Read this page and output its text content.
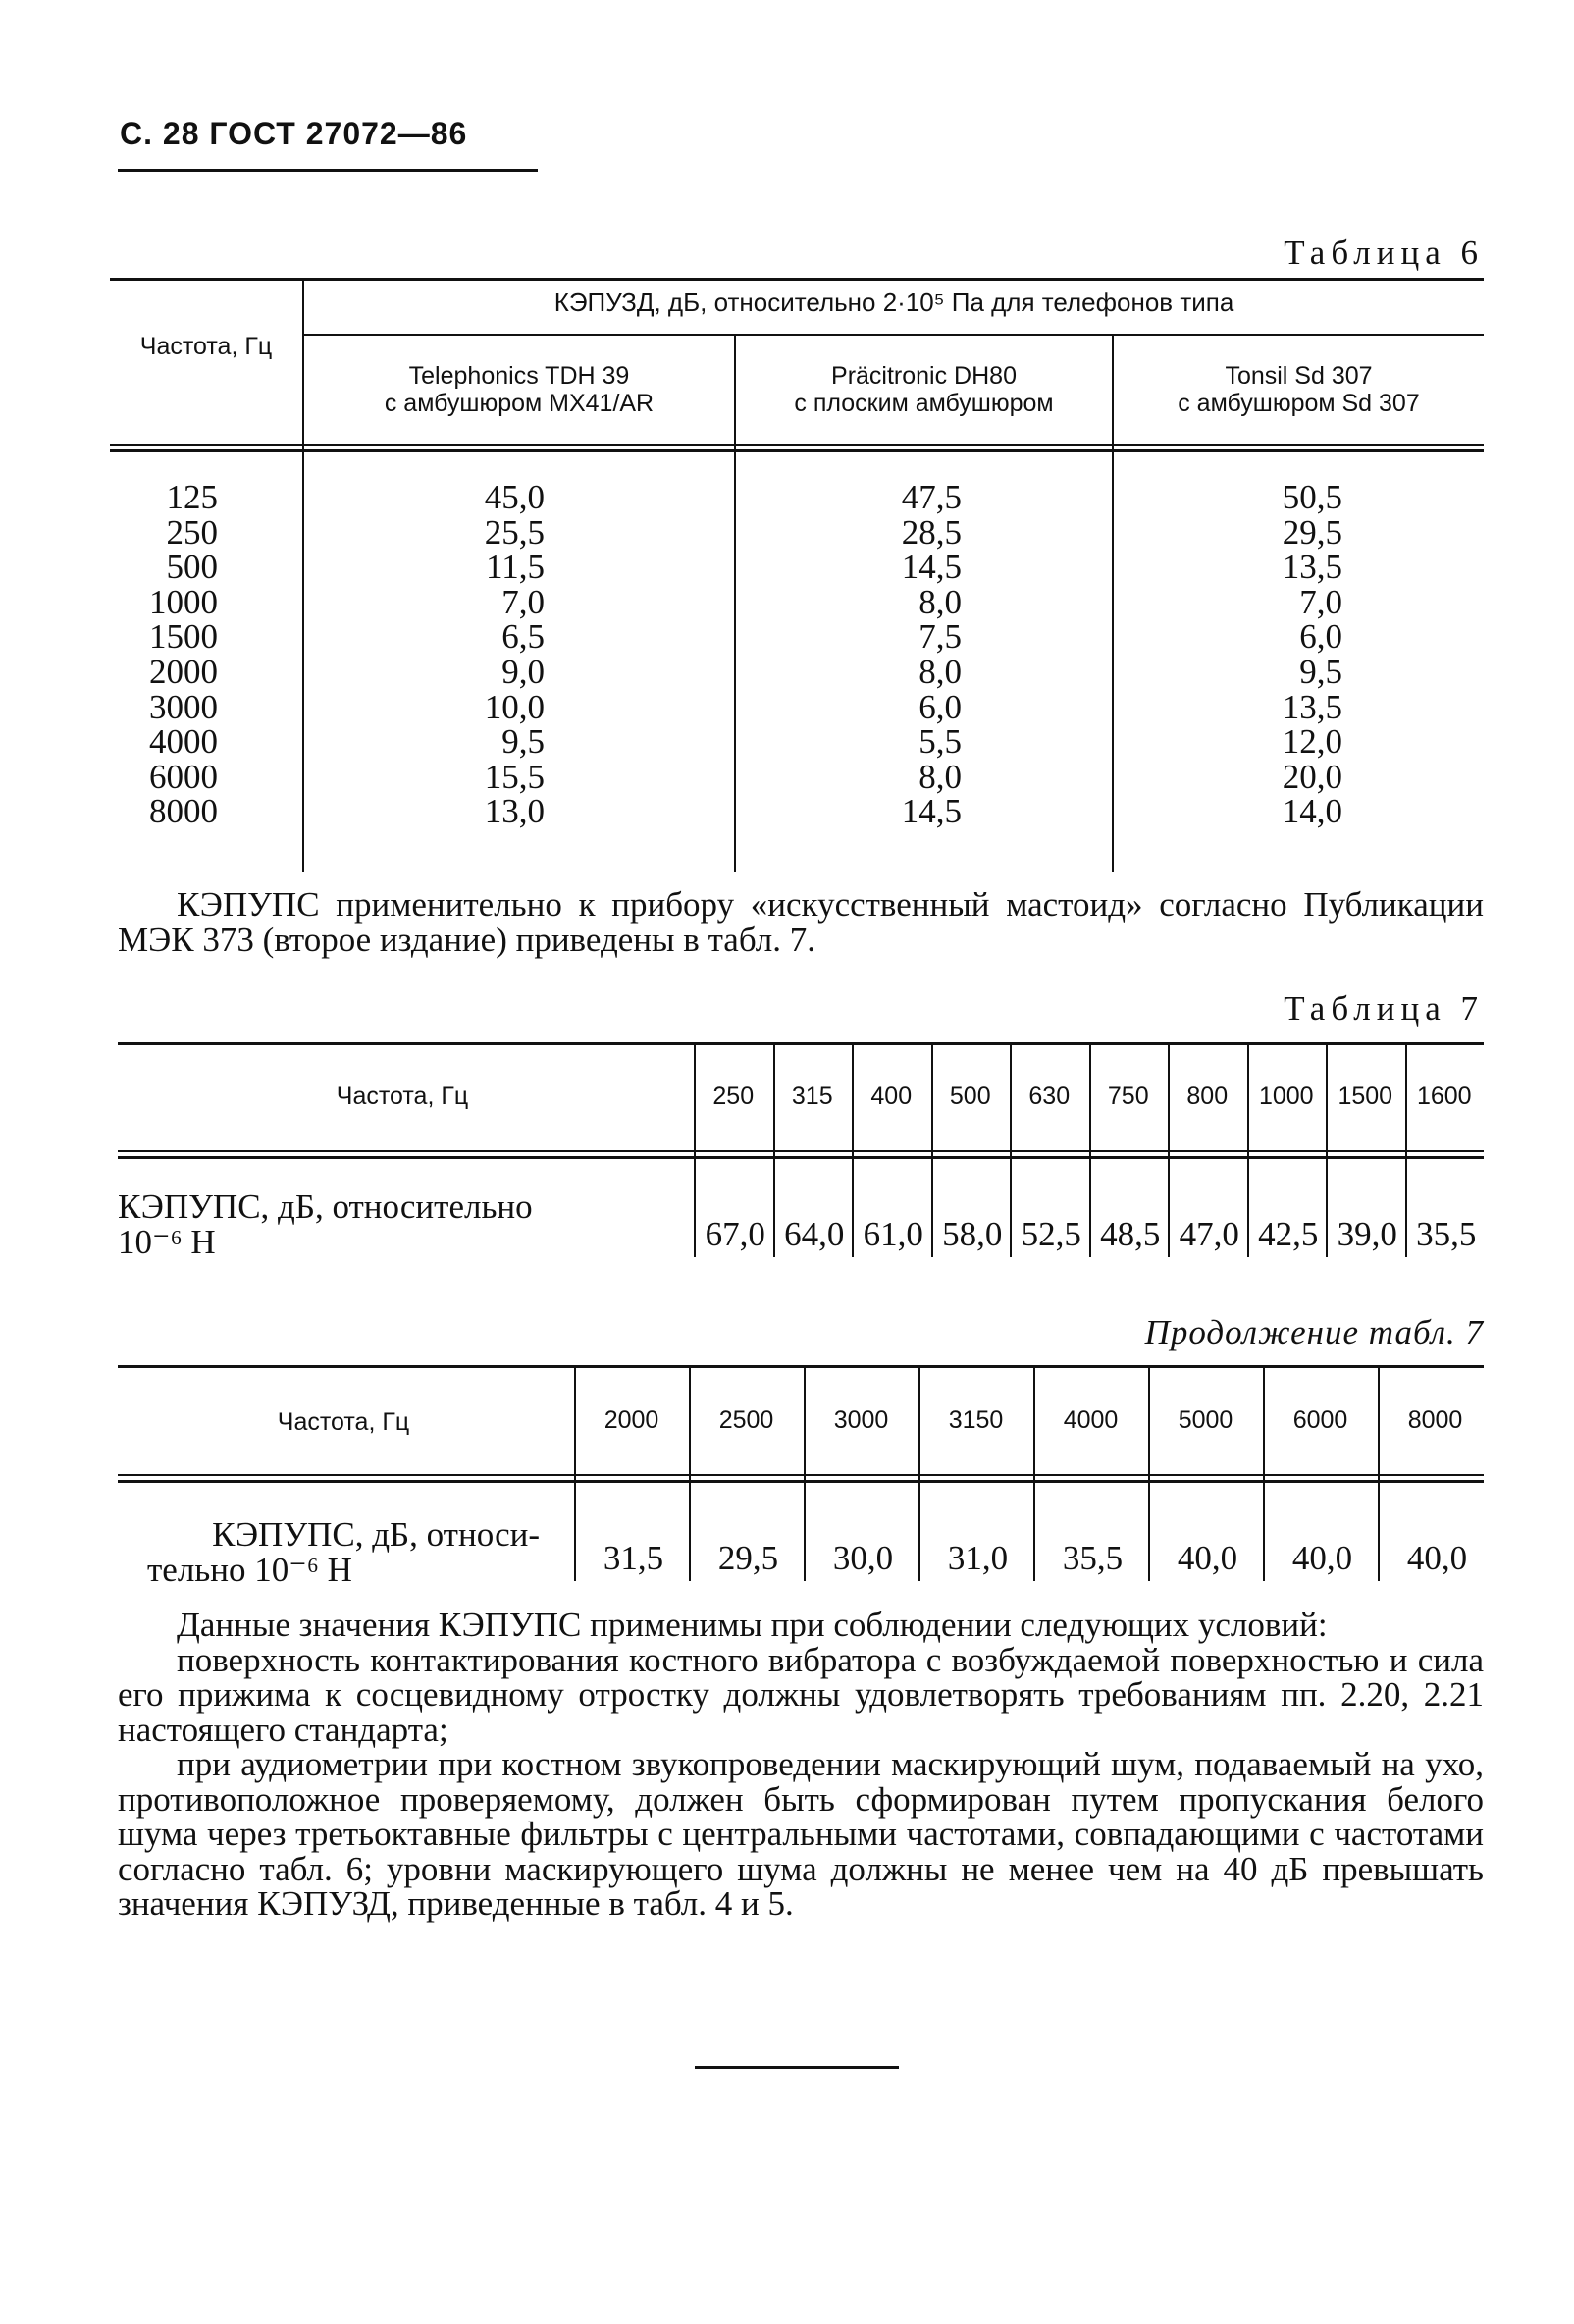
С. 28 ГОСТ 27072—86
Таблица 6
Частота, Гц
КЭПУЗД, дБ, относительно 2·10⁵ Па для телефонов типа
Telephonics TDH 39
с амбушюром MX41/AR
Präcitronic DH80
с плоским амбушюром
Tonsil Sd 307
с амбушюром Sd 307
125
250
500
1000
1500
2000
3000
4000
6000
8000
45,0
25,5
11,5
7,0
6,5
9,0
10,0
9,5
15,5
13,0
47,5
28,5
14,5
8,0
7,5
8,0
6,0
5,5
8,0
14,5
50,5
29,5
13,5
7,0
6,0
9,5
13,5
12,0
20,0
14,0
КЭПУПС применительно к прибору «искусственный мастоид» согласно Публикации МЭК 373 (второе издание) приведены в табл. 7.
Таблица 7
Частота, Гц
КЭПУПС, дБ, относительно
10⁻⁶ Н
250
67,0
315
64,0
400
61,0
500
58,0
630
52,5
750
48,5
800
47,0
1000
42,5
1500
39,0
1600
35,5
Продолжение табл. 7
Частота, Гц
КЭПУПС, дБ, относи-
тельно 10⁻⁶ Н
2000
31,5
2500
29,5
3000
30,0
3150
31,0
4000
35,5
5000
40,0
6000
40,0
8000
40,0
Данные значения КЭПУПС применимы при соблюдении следующих условий:
поверхность контактирования костного вибратора с возбуждаемой поверхностью и сила его прижима к сосцевидному отростку должны удовлетворять требованиям пп. 2.20, 2.21 настоящего стандарта;
при аудиометрии при костном звукопроведении маскирующий шум, подаваемый на ухо, противоположное проверяемому, должен быть сформирован путем пропускания белого шума через третьоктавные фильтры с центральными частотами, совпадающими с частотами согласно табл. 6; уровни маскирующего шума должны не менее чем на 40 дБ превышать значения КЭПУЗД, приведенные в табл. 4 и 5.
